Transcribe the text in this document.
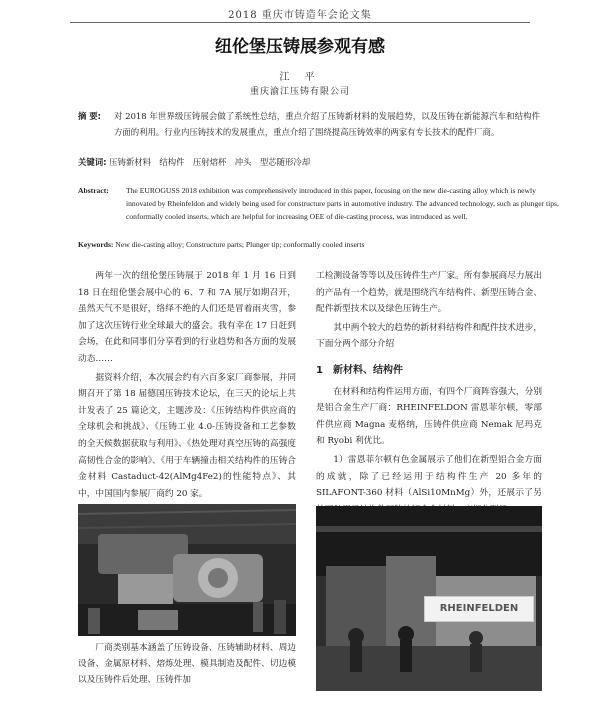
2018 重庆市铸造年会论文集
纽伦堡压铸展参观有感
江 平
重庆渝江压铸有限公司
摘 要: 对 2018 年世界级压铸展会做了系统性总结，重点介绍了压铸新材料的发展趋势，以及压铸在新能源汽车和结构件方面的利用。行业内压铸技术的发展重点，重点介绍了围绕提高压铸效率的两家有专长技术的配件厂商。
关键词: 压铸新材料　结构件　压射熔杯　冲头　型芯随形冷却
Abstract: The EUROGUSS 2018 exhibition was comprehensively introduced in this paper, focusing on the new die-casting alloy which is newly innovated by Rheinfeldon and widely being used for constructure parts in automotive industry. The advanced technology, such as plunger tips, conformally cooled inserts, which are helpful for increasing OEE of die-casting process, was introduced as well.
Keywords: New die-casting alloy; Constructure parts; Plunger tip; conformally cooled inserts

两年一次的纽伦堡压铸展于 2018 年 1 月 16 日到 18 日在纽伦堡会展中心的 6、7 和 7A 展厅如期召开，虽然天气不是很好，络绎不绝的人们还是冒着雨夹雪，参加了这次压铸行业全球最大的盛会。我有幸在 17 日赶到会场，在此和同事们分享看到的行业趋势和各方面的发展动态……

据资料介绍，本次展会约有六百多家厂商参展，并同期召开了第 18 届德国压铸技术论坛，在三天的论坛上共计发表了 25 篇论文，主题涉及：《压铸结构件供应商的全球机会和挑战》、《压铸工业 4.0-压铸设备和工艺参数的全天候数据获取与利用》、《热处理对真空压铸的高强度高韧性合金的影响》、《用于车辆撞击相关结构件的压铸合金材料 Castaduct-42(AlMg4Fe2)的性能特点》、其中，中国国内参展厂商约 20 家。

厂商类别基本涵盖了压铸设备、压铸辅助材料、周边设备、金属原材料、熔炼处理、模具制造及配件、切边模以及压铸件后处理、压铸件加

工检测设备等等以及压铸件生产厂家。所有参展商尽力展出的产品有一个趋势，就是围绕汽车结构件、新型压铸合金、配件新型技术以及绿色压铸生产。

其中两个较大的趋势的新材料结构件和配件技术进步，下面分两个部分介绍

1　新材料、结构件

在材料和结构件运用方面，有四个厂商阵容强大，分别是铝合金生产厂商：RHEINFELDON 雷恩菲尔顿，零部件供应商 Magna 麦格纳，压铸件供应商 Nemak 尼玛克和 Ryobi 利优比。

1）雷恩菲尔顿有色金属展示了他们在新型铝合金方面的成就，除了已经运用于结构件生产 20 多年的 SILAFONT-360 材料（AlSi10MnMg）外，还展示了另

RHEINFELDEN
